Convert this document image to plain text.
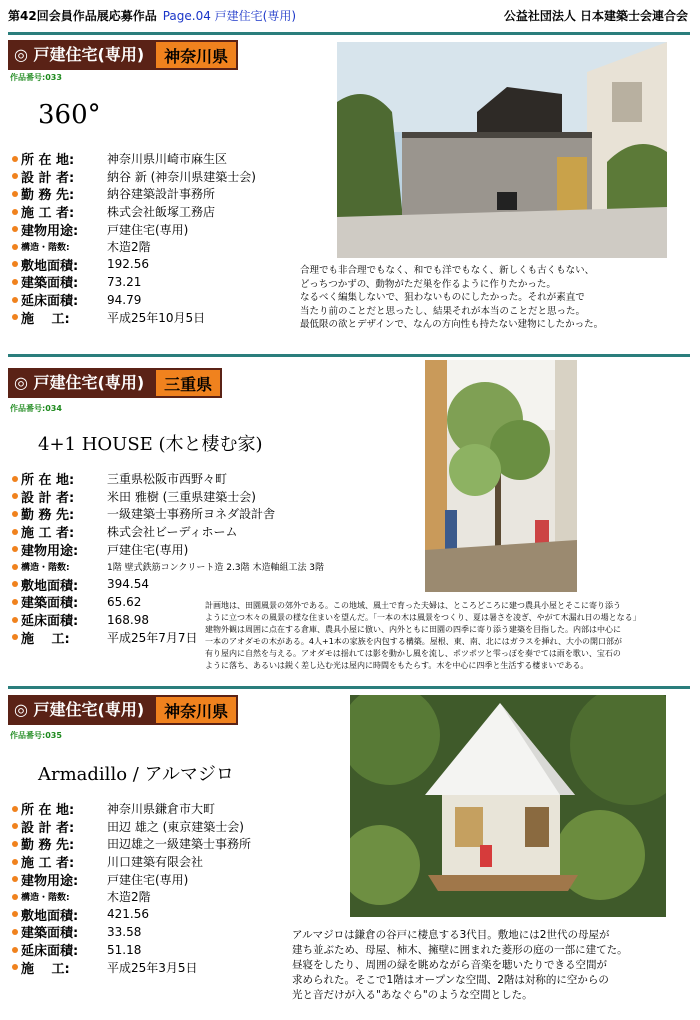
第42回会員作品展応募作品 Page.04 戸建住宅(専用)	公益社団法人 日本建築士会連合会
◎ 戸建住宅(専用)	神奈川県
作品番号:033
360°
所 在 地:	神奈川県川崎市麻生区
設 計 者:	納谷 新 (神奈川県建築士会)
勤 務 先:	納谷建築設計事務所
施 工 者:	株式会社飯塚工務店
建物用途:	戸建住宅(専用)
構造・階数:	木造2階
敷地面積:	192.56
建築面積:	73.21
延床面積:	94.79
施 　工:	平成25年10月5日

合理でも非合理でもなく、和でも洋でもなく、新しくも古くもない、

どっちつかずの、動物がただ巣を作るように作りたかった。

なるべく編集しないで、狙わないものにしたかった。それが素直で

当たり前のことだと思ったし、結果それが本当のことだと思った。

最低限の欲とデザインで、なんの方向性も持たない建物にしたかった。

◎ 戸建住宅(専用)	三重県
作品番号:034
4+1 HOUSE (木と棲む家)
所 在 地:	三重県松阪市西野々町
設 計 者:	米田 雅樹 (三重県建築士会)
勤 務 先:	一級建築士事務所ヨネダ設計舎
施 工 者:	株式会社ビーディホーム
建物用途:	戸建住宅(専用)
構造・階数:	1階 壁式鉄筋コンクリート造 2.3階 木造軸組工法 3階
敷地面積:	394.54
建築面積:	65.62
延床面積:	168.98
施 　工:	平成25年7月7日

計画地は、田園風景の郊外である。この地域、風土で育った夫婦は、ところどころに建つ農具小屋とそこに寄り添う

ように立つ木々の風景の様な住まいを望んだ。「一本の木は風景をつくり、夏は暑さを凌ぎ、やがて木漏れ日の場となる」

建物外観は周囲に点在する倉庫、農具小屋に倣い、内外ともに田園の四季に寄り添う建築を目指した。内部は中心に

一本のアオダモの木がある。4人+1本の家族を内包する構築。屋根、東、南、北にはガラスを挿れ、大小の開口部が

有り屋内に自然を与える。アオダモは揺れては影を動かし風を流し、ポツポツと雫っぽを奏でては雨を歌い、宝石の

ように落ち、あるいは鋭く差し込む光は屋内に時間をもたらす。木を中心に四季と生活する棲まいである。

◎ 戸建住宅(専用)	神奈川県
作品番号:035
Armadillo / アルマジロ
所 在 地:	神奈川県鎌倉市大町
設 計 者:	田辺 雄之 (東京建築士会)
勤 務 先:	田辺雄之一級建築士事務所
施 工 者:	川口建築有限会社
建物用途:	戸建住宅(専用)
構造・階数:	木造2階
敷地面積:	421.56
建築面積:	33.58
延床面積:	51.18
施 　工:	平成25年3月5日

アルマジロは鎌倉の谷戸に棲息する3代目。敷地には2世代の母屋が

建ち並ぶため、母屋、柿木、擁壁に囲まれた菱形の庭の一部に建てた。

昼寝をしたり、周囲の緑を眺めながら音楽を聴いたりできる空間が

求められた。そこで1階はオープンな空間、2階は対称的に空からの

光と音だけが入る"あなぐら"のような空間とした。
